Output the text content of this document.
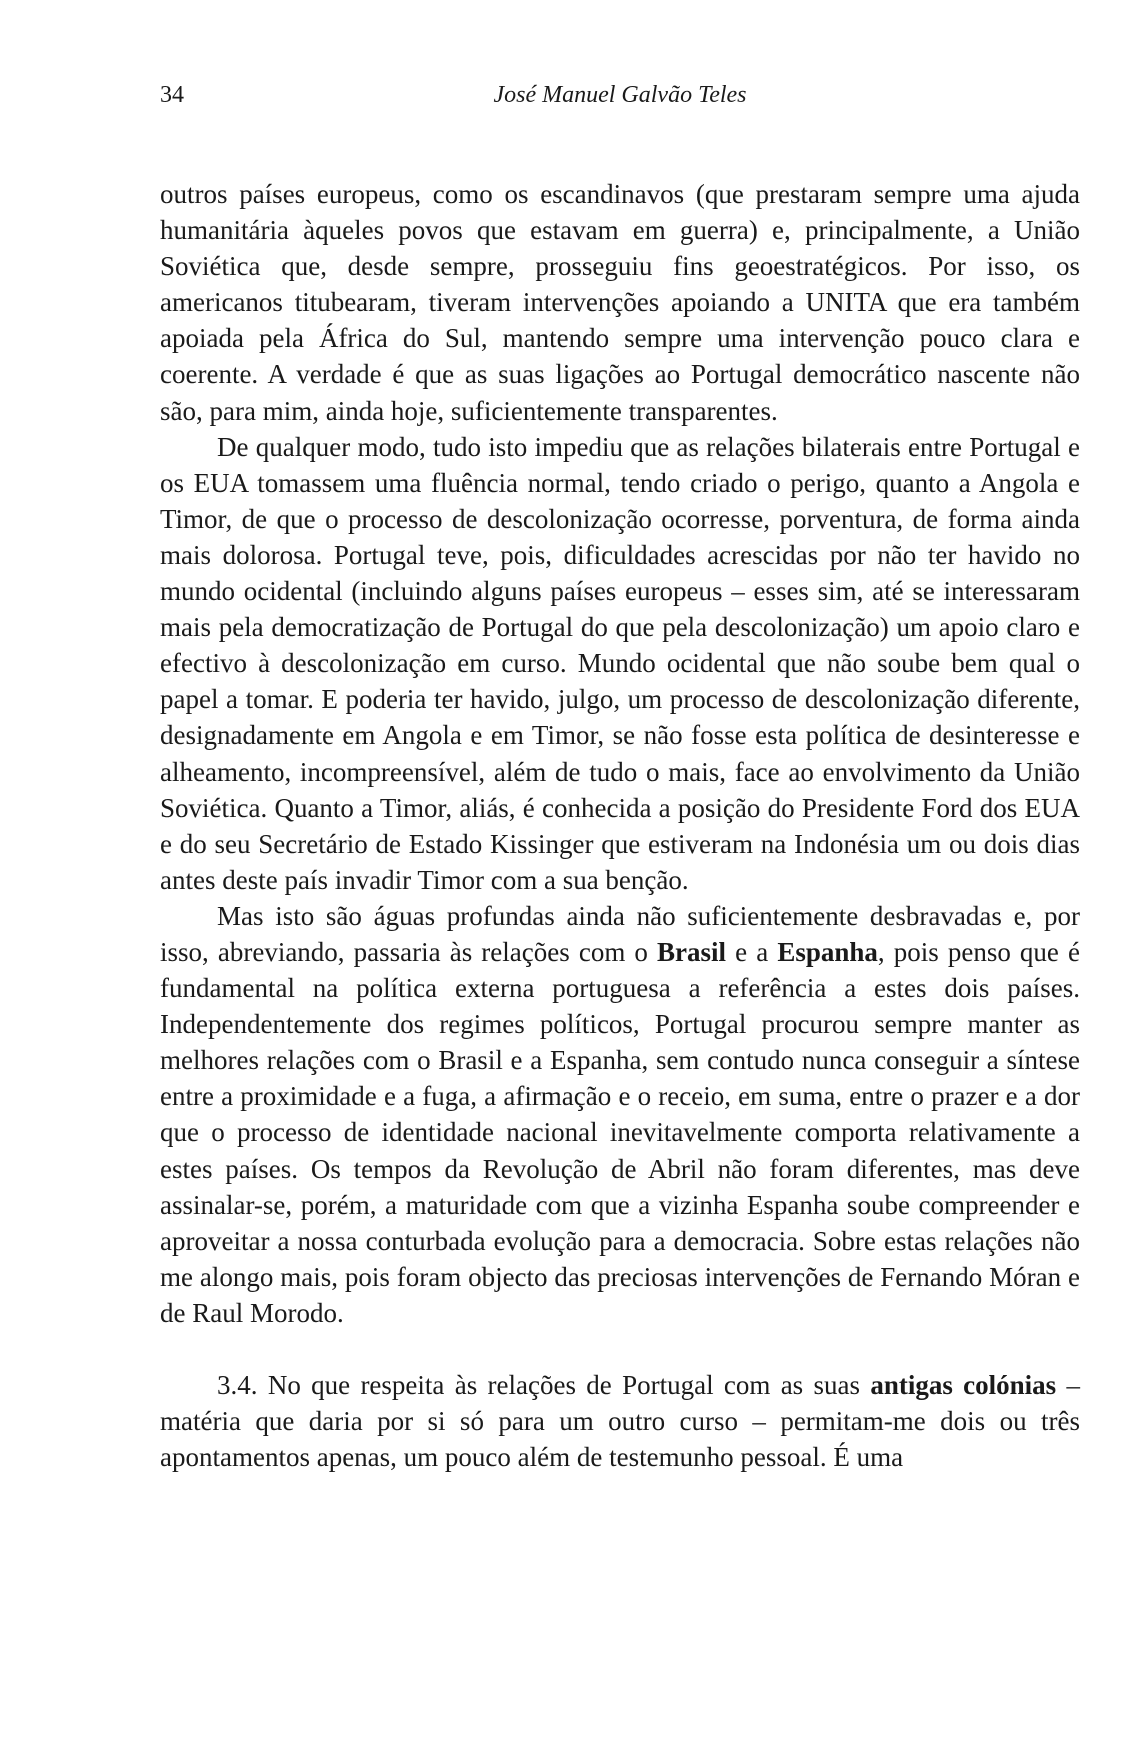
34	José Manuel Galvão Teles

outros países europeus, como os escandinavos (que prestaram sempre uma ajuda humanitária àqueles povos que estavam em guerra) e, principalmente, a União Soviética que, desde sempre, prosseguiu fins geoestratégicos. Por isso, os americanos titubearam, tiveram intervenções apoiando a UNITA que era também apoiada pela África do Sul, mantendo sempre uma intervenção pouco clara e coerente. A verdade é que as suas ligações ao Portugal democrático nascente não são, para mim, ainda hoje, suficientemente transparentes.

De qualquer modo, tudo isto impediu que as relações bilaterais entre Portugal e os EUA tomassem uma fluência normal, tendo criado o perigo, quanto a Angola e Timor, de que o processo de descolonização ocorresse, porventura, de forma ainda mais dolorosa. Portugal teve, pois, dificuldades acrescidas por não ter havido no mundo ocidental (incluindo alguns países europeus – esses sim, até se interessaram mais pela democratização de Portugal do que pela descolonização) um apoio claro e efectivo à descolonização em curso. Mundo ocidental que não soube bem qual o papel a tomar. E poderia ter havido, julgo, um processo de descolonização diferente, designadamente em Angola e em Timor, se não fosse esta política de desinteresse e alheamento, incompreensível, além de tudo o mais, face ao envolvimento da União Soviética. Quanto a Timor, aliás, é conhecida a posição do Presidente Ford dos EUA e do seu Secretário de Estado Kissinger que estiveram na Indonésia um ou dois dias antes deste país invadir Timor com a sua benção.

Mas isto são águas profundas ainda não suficientemente desbravadas e, por isso, abreviando, passaria às relações com o Brasil e a Espanha, pois penso que é fundamental na política externa portuguesa a referência a estes dois países. Independentemente dos regimes políticos, Portugal procurou sempre manter as melhores relações com o Brasil e a Espanha, sem contudo nunca conseguir a síntese entre a proximidade e a fuga, a afirmação e o receio, em suma, entre o prazer e a dor que o processo de identidade nacional inevitavelmente comporta relativamente a estes países. Os tempos da Revolução de Abril não foram diferentes, mas deve assinalar-se, porém, a maturidade com que a vizinha Espanha soube compreender e aproveitar a nossa conturbada evolução para a democracia. Sobre estas relações não me alongo mais, pois foram objecto das preciosas intervenções de Fernando Móran e de Raul Morodo.

3.4. No que respeita às relações de Portugal com as suas antigas colónias – matéria que daria por si só para um outro curso – permitam-me dois ou três apontamentos apenas, um pouco além de testemunho pessoal. É uma
